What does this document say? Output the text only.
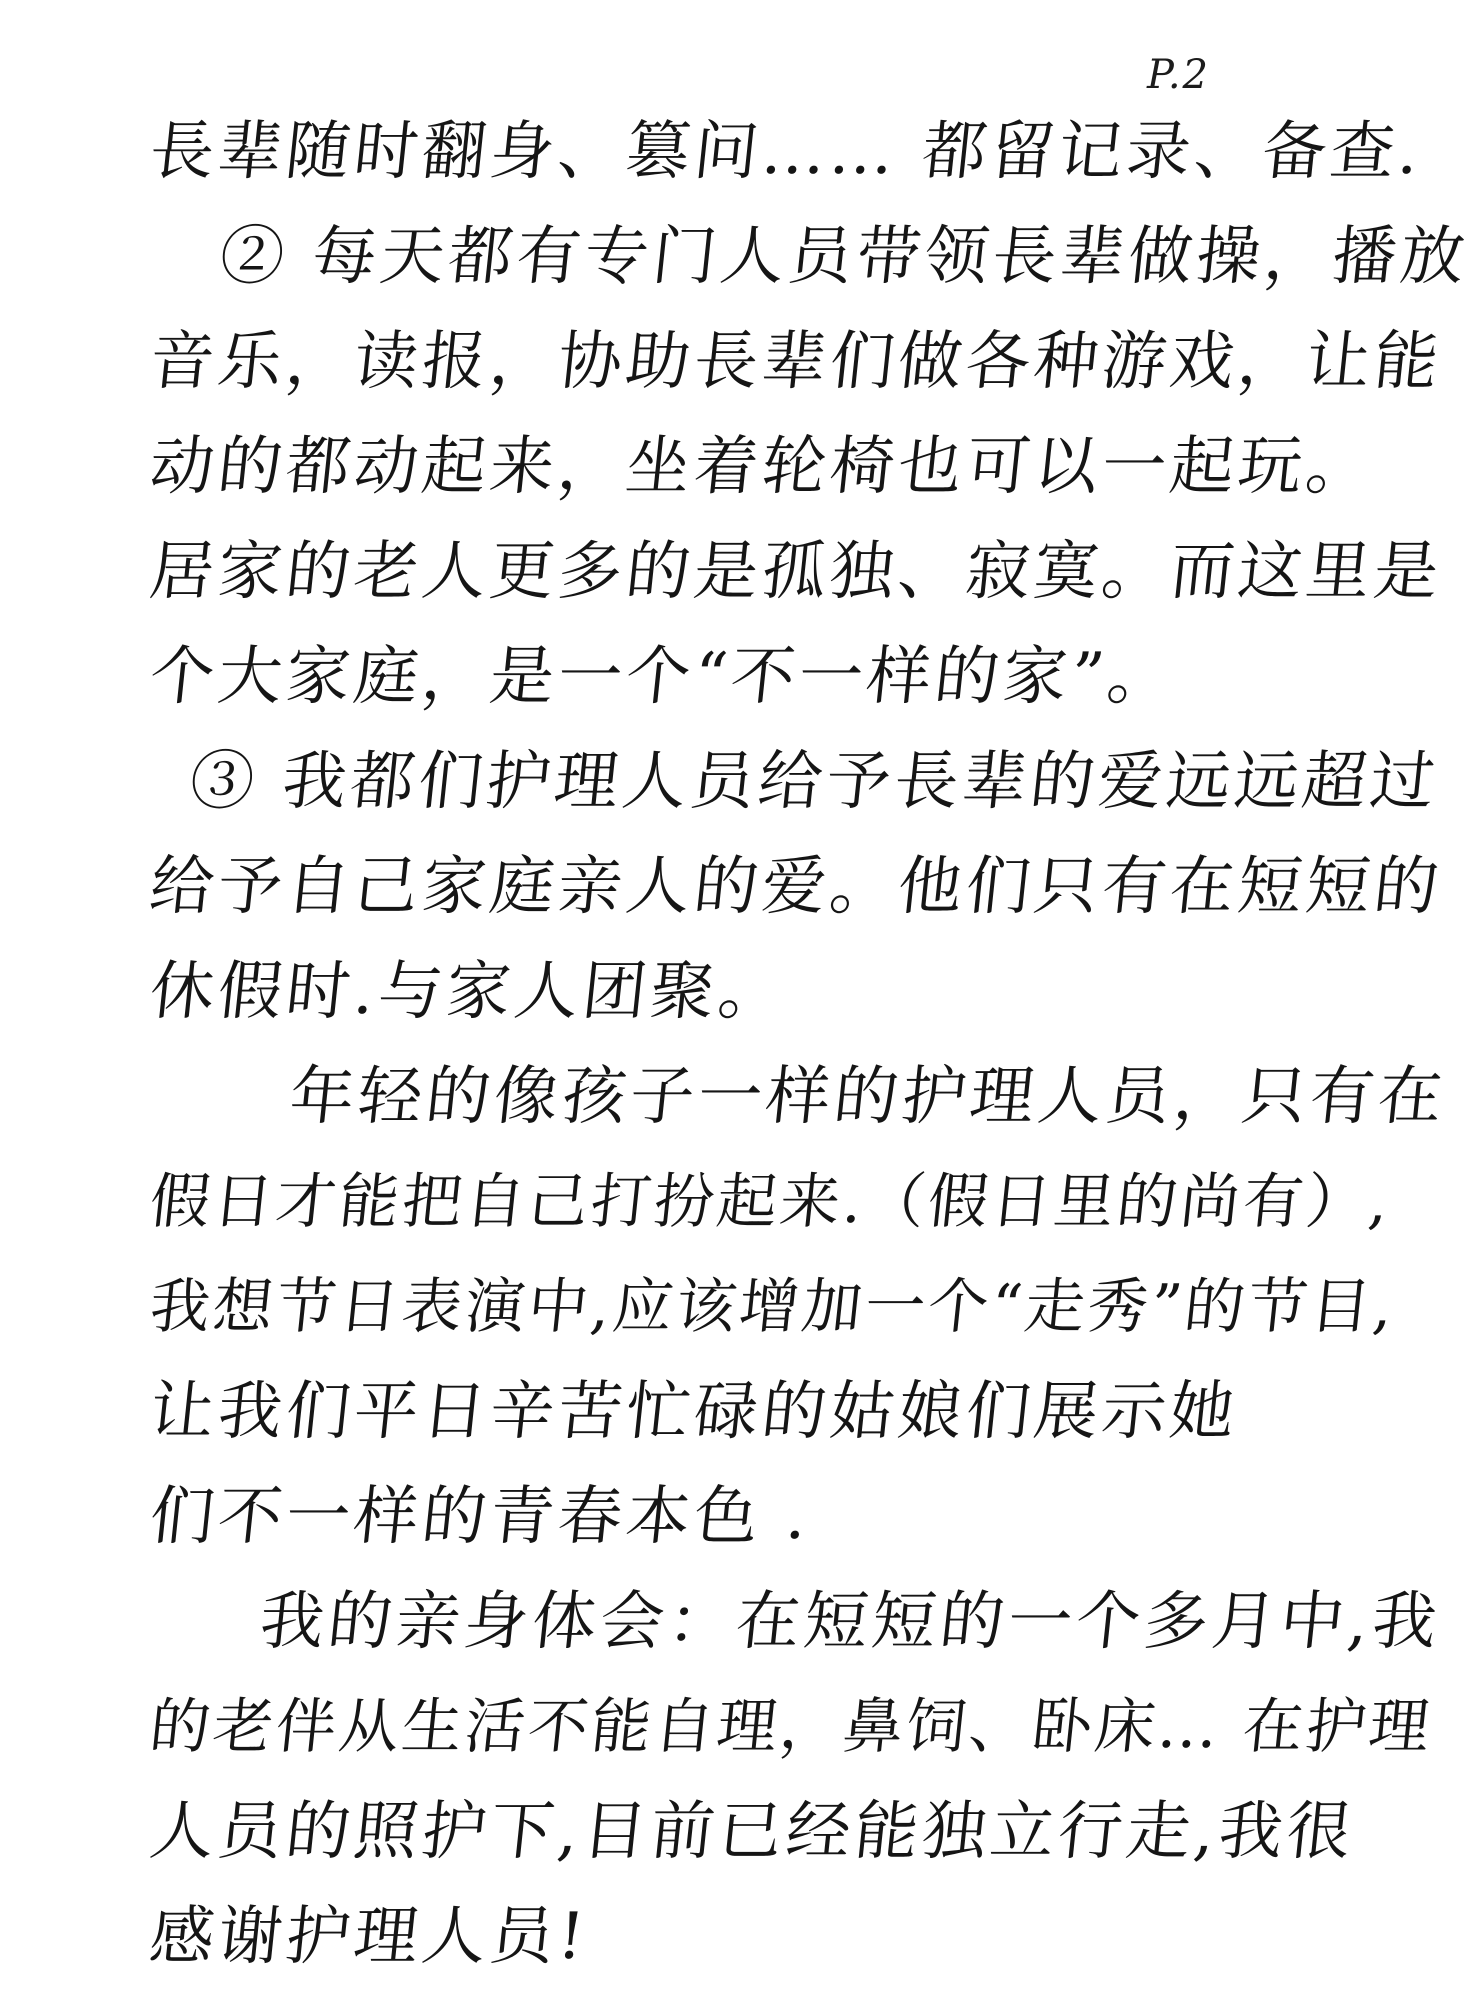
P.2
長辈随时翻身、篡问…… 都留记录、备查.
② 每天都有专门人员带领長辈做操，播放
音乐，读报，协助長辈们做各种游戏，让能
动的都动起来，坐着轮椅也可以一起玩。
居家的老人更多的是孤独、寂寞。而这里是
个大家庭，是一个“不一样的家”。
③ 我都们护理人员给予長辈的爱远远超过
给予自己家庭亲人的爱。他们只有在短短的
休假时.与家人团聚。
年轻的像孩子一样的护理人员，只有在
假日才能把自己打扮起来.（假日里的尚有）,
我想节日表演中,应该增加一个“走秀”的节目,
让我们平日辛苦忙碌的姑娘们展示她
们不一样的青春本色 .
我的亲身体会：在短短的一个多月中,我
的老伴从生活不能自理，鼻饲、卧床… 在护理
人员的照护下,目前已经能独立行走,我很
感谢护理人员!
